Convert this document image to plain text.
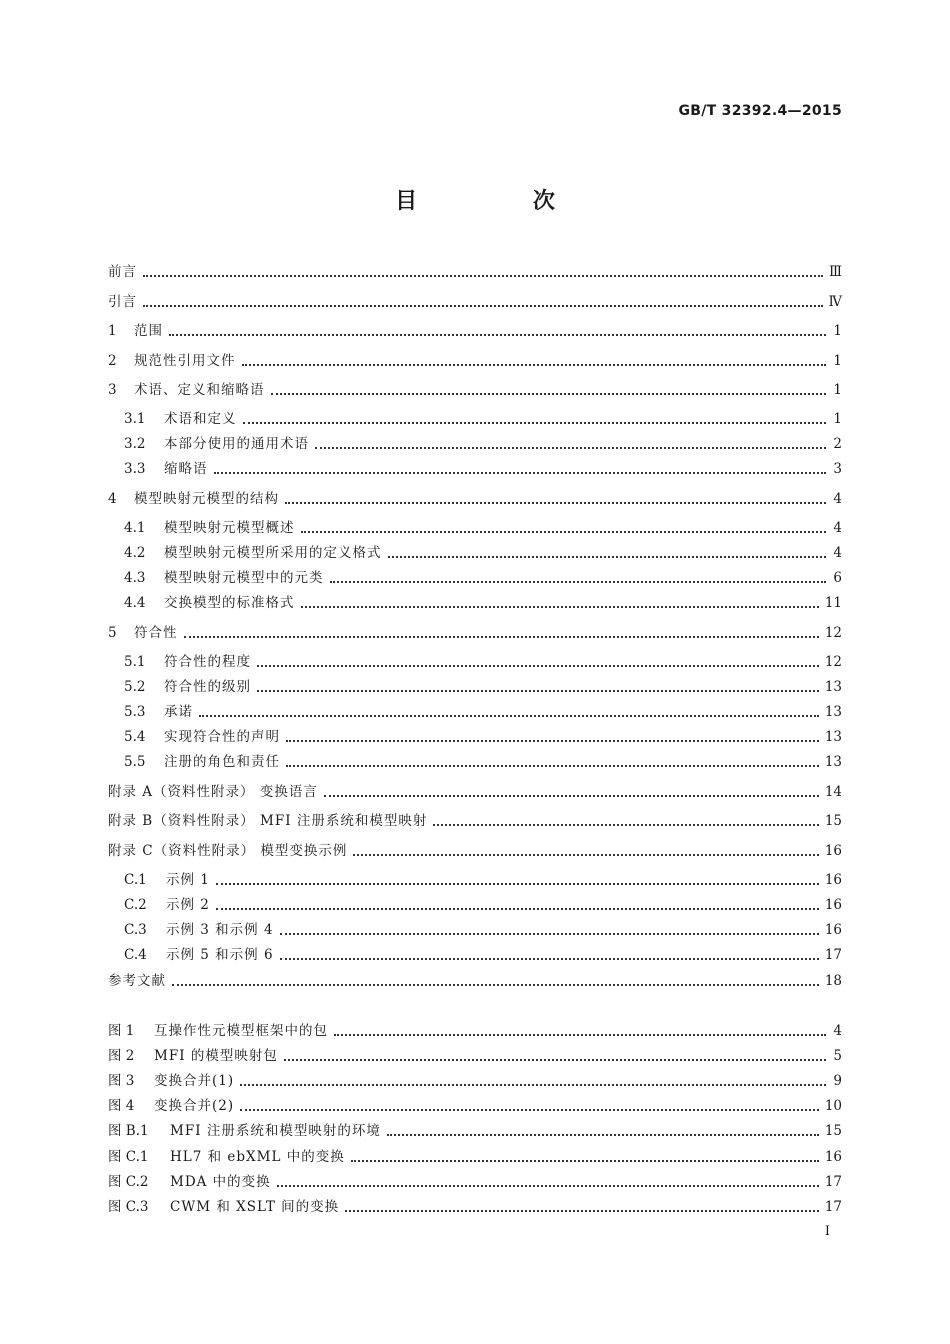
GB/T 32392.4—2015
目 次
前言	Ⅲ
引言	Ⅳ
1	范围	1
2	规范性引用文件	1
3	术语、定义和缩略语	1
3.1	术语和定义	1
3.2	本部分使用的通用术语	2
3.3	缩略语	3
4	模型映射元模型的结构	4
4.1	模型映射元模型概述	4
4.2	模型映射元模型所采用的定义格式	4
4.3	模型映射元模型中的元类	6
4.4	交换模型的标准格式	11
5	符合性	12
5.1	符合性的程度	12
5.2	符合性的级别	13
5.3	承诺	13
5.4	实现符合性的声明	13
5.5	注册的角色和责任	13
附录 A（资料性附录） 变换语言	14
附录 B（资料性附录） MFI 注册系统和模型映射	15
附录 C（资料性附录） 模型变换示例	16
C.1	示例 1	16
C.2	示例 2	16
C.3	示例 3 和示例 4	16
C.4	示例 5 和示例 6	17
参考文献	18
图 1	互操作性元模型框架中的包	4
图 2	MFI 的模型映射包	5
图 3	变换合并(1)	9
图 4	变换合并(2)	10
图 B.1	MFI 注册系统和模型映射的环境	15
图 C.1	HL7 和 ebXML 中的变换	16
图 C.2	MDA 中的变换	17
图 C.3	CWM 和 XSLT 间的变换	17
I
